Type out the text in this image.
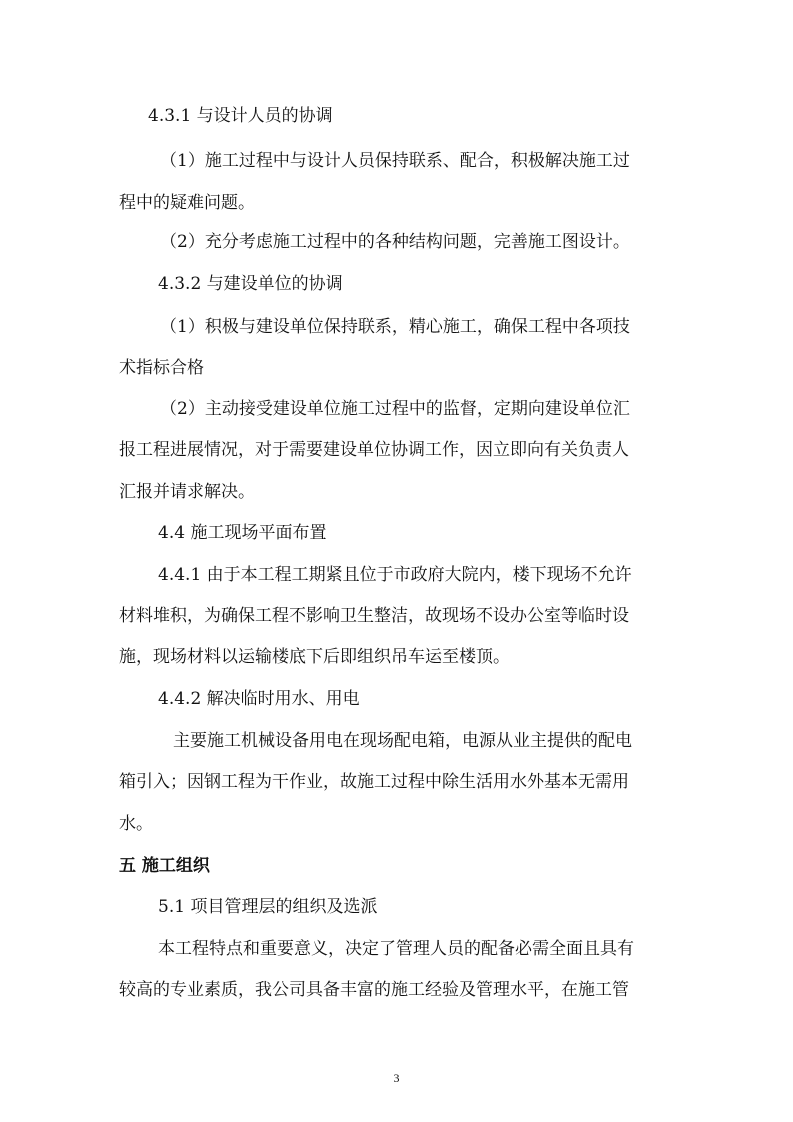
4.3.1 与设计人员的协调

（1）施工过程中与设计人员保持联系、配合，积极解决施工过

程中的疑难问题。

（2）充分考虑施工过程中的各种结构问题，完善施工图设计。

4.3.2 与建设单位的协调

（1）积极与建设单位保持联系，精心施工，确保工程中各项技

术指标合格

（2）主动接受建设单位施工过程中的监督，定期向建设单位汇

报工程进展情况，对于需要建设单位协调工作，因立即向有关负责人

汇报并请求解决。

4.4 施工现场平面布置

4.4.1 由于本工程工期紧且位于市政府大院内，楼下现场不允许

材料堆积，为确保工程不影响卫生整洁，故现场不设办公室等临时设

施，现场材料以运输楼底下后即组织吊车运至楼顶。

4.4.2 解决临时用水、用电

主要施工机械设备用电在现场配电箱，电源从业主提供的配电

箱引入；因钢工程为干作业，故施工过程中除生活用水外基本无需用

水。

五 施工组织

5.1 项目管理层的组织及选派

本工程特点和重要意义，决定了管理人员的配备必需全面且具有

较高的专业素质，我公司具备丰富的施工经验及管理水平，在施工管

3
